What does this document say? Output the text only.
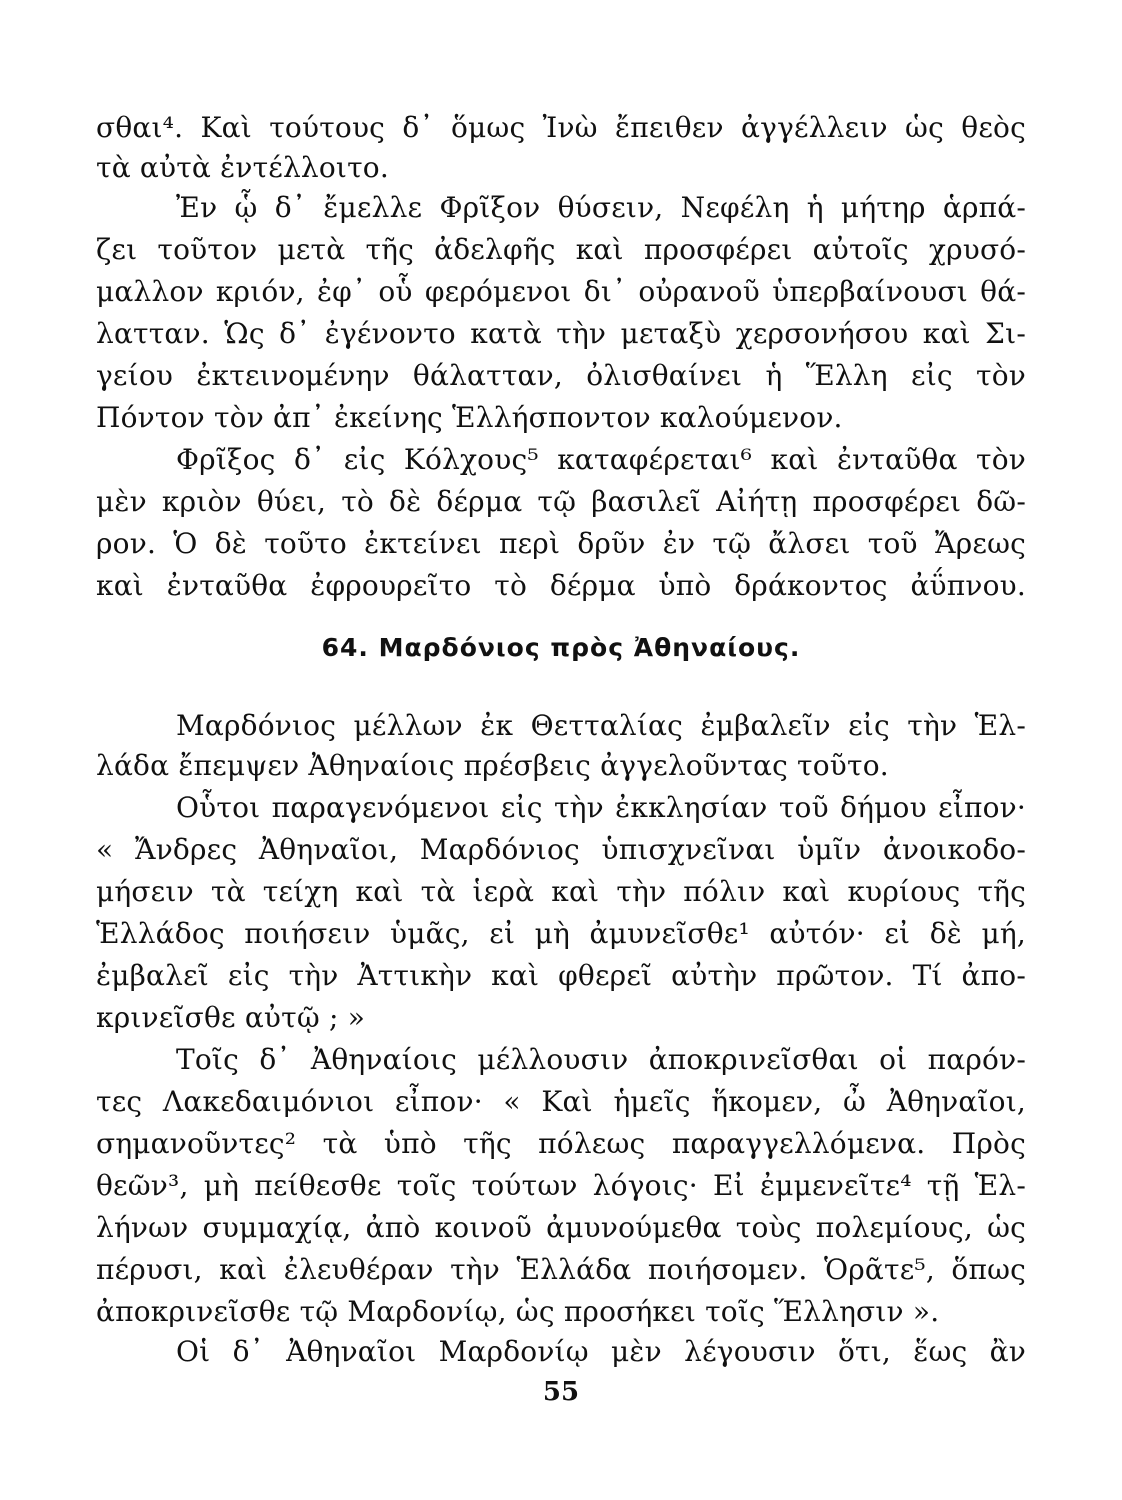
σθαι⁴. Καὶ τούτους δ᾽ ὅμως Ἰνὼ ἔπειθεν ἀγγέλλειν ὡς θεὸς
τὰ αὐτὰ ἐντέλλοιτο.
Ἐν ᾧ δ᾽ ἔμελλε Φρῖξον θύσειν, Νεφέλη ἡ μήτηρ ἁρπά-
ζει τοῦτον μετὰ τῆς ἀδελφῆς καὶ προσφέρει αὐτοῖς χρυσό-
μαλλον κριόν, ἐφ᾽ οὗ φερόμενοι δι᾽ οὐρανοῦ ὑπερβαίνουσι θά-
λατταν. Ὡς δ᾽ ἐγένοντο κατὰ τὴν μεταξὺ χερσονήσου καὶ Σι-
γείου ἐκτεινομένην θάλατταν, ὀλισθαίνει ἡ Ἕλλη εἰς τὸν
Πόντον τὸν ἀπ᾽ ἐκείνης Ἑλλήσποντον καλούμενον.
Φρῖξος δ᾽ εἰς Κόλχους⁵ καταφέρεται⁶ καὶ ἐνταῦθα τὸν
μὲν κριὸν θύει, τὸ δὲ δέρμα τῷ βασιλεῖ Αἰήτῃ προσφέρει δῶ-
ρον. Ὁ δὲ τοῦτο ἐκτείνει περὶ δρῦν ἐν τῷ ἄλσει τοῦ Ἄρεως
καὶ ἐνταῦθα ἐφρουρεῖτο τὸ δέρμα ὑπὸ δράκοντος ἀΰπνου.
64. Μαρδόνιος πρὸς Ἀθηναίους.
Μαρδόνιος μέλλων ἐκ Θετταλίας ἐμβαλεῖν εἰς τὴν Ἑλ-
λάδα ἔπεμψεν Ἀθηναίοις πρέσβεις ἀγγελοῦντας τοῦτο.
Οὗτοι παραγενόμενοι εἰς τὴν ἐκκλησίαν τοῦ δήμου εἶπον·
« Ἄνδρες Ἀθηναῖοι, Μαρδόνιος ὑπισχνεῖναι ὑμῖν ἀνοικοδο-
μήσειν τὰ τείχη καὶ τὰ ἱερὰ καὶ τὴν πόλιν καὶ κυρίους τῆς
Ἑλλάδος ποιήσειν ὑμᾶς, εἰ μὴ ἀμυνεῖσθε¹ αὐτόν· εἰ δὲ μή,
ἐμβαλεῖ εἰς τὴν Ἀττικὴν καὶ φθερεῖ αὐτὴν πρῶτον. Τί ἀπο-
κρινεῖσθε αὐτῷ ; »
Τοῖς δ᾽ Ἀθηναίοις μέλλουσιν ἀποκρινεῖσθαι οἱ παρόν-
τες Λακεδαιμόνιοι εἶπον· « Καὶ ἡμεῖς ἥκομεν, ὦ Ἀθηναῖοι,
σημανοῦντες² τὰ ὑπὸ τῆς πόλεως παραγγελλόμενα. Πρὸς
θεῶν³, μὴ πείθεσθε τοῖς τούτων λόγοις· Εἰ ἐμμενεῖτε⁴ τῇ Ἑλ-
λήνων συμμαχίᾳ, ἀπὸ κοινοῦ ἀμυνούμεθα τοὺς πολεμίους, ὡς
πέρυσι, καὶ ἐλευθέραν τὴν Ἑλλάδα ποιήσομεν. Ὁρᾶτε⁵, ὅπως
ἀποκρινεῖσθε τῷ Μαρδονίῳ, ὡς προσήκει τοῖς Ἕλλησιν ».
Οἱ δ᾽ Ἀθηναῖοι Μαρδονίῳ μὲν λέγουσιν ὅτι, ἕως ἂν
55
